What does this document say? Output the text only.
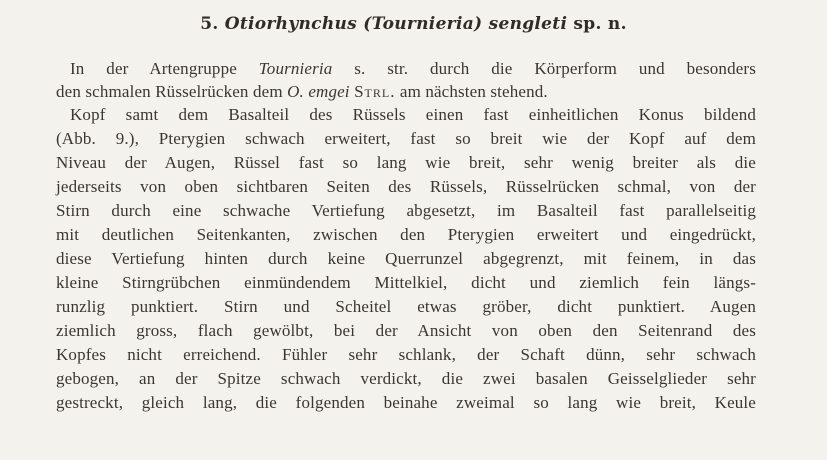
5. Otiorhynchus (Tournieria) sengleti sp. n.
In der Artengruppe Tournieria s. str. durch die Körperform und besonders
den schmalen Rüsselrücken dem O. emgei Strl. am nächsten stehend.
Kopf samt dem Basalteil des Rüssels einen fast einheitlichen Konus bildend
(Abb. 9.), Pterygien schwach erweitert, fast so breit wie der Kopf auf dem
Niveau der Augen, Rüssel fast so lang wie breit, sehr wenig breiter als die
jederseits von oben sichtbaren Seiten des Rüssels, Rüsselrücken schmal, von der
Stirn durch eine schwache Vertiefung abgesetzt, im Basalteil fast parallelseitig
mit deutlichen Seitenkanten, zwischen den Pterygien erweitert und eingedrückt,
diese Vertiefung hinten durch keine Querrunzel abgegrenzt, mit feinem, in das
kleine Stirngrübchen einmündendem Mittelkiel, dicht und ziemlich fein längs-
runzlig punktiert. Stirn und Scheitel etwas gröber, dicht punktiert. Augen
ziemlich gross, flach gewölbt, bei der Ansicht von oben den Seitenrand des
Kopfes nicht erreichend. Fühler sehr schlank, der Schaft dünn, sehr schwach
gebogen, an der Spitze schwach verdickt, die zwei basalen Geisselglieder sehr
gestreckt, gleich lang, die folgenden beinahe zweimal so lang wie breit, Keule
